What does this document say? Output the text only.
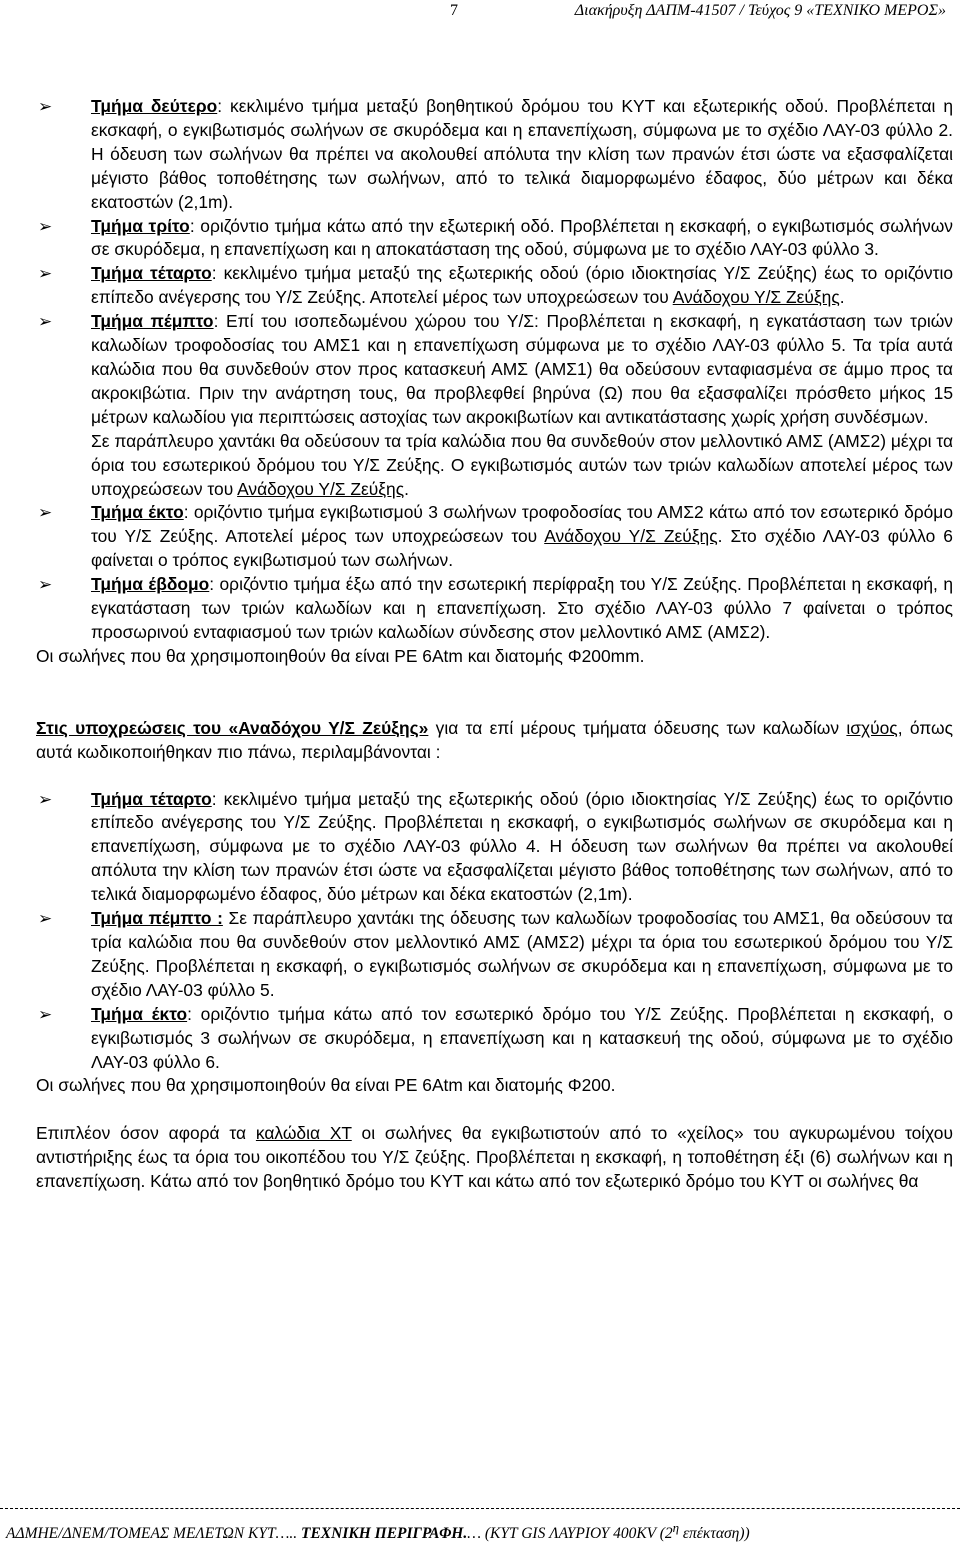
7	Διακήρυξη ΔΑΠΜ-41507 / Τεύχος 9 «ΤΕΧΝΙΚΟ ΜΕΡΟΣ»
➢ Τμήμα δεύτερο: κεκλιμένο τμήμα μεταξύ βοηθητικού δρόμου του ΚΥΤ και εξωτερικής οδού. Προβλέπεται η εκσκαφή, ο εγκιβωτισμός σωλήνων σε σκυρόδεμα και η επανεπίχωση, σύμφωνα με το σχέδιο ΛΑΥ-03 φύλλο 2. Η όδευση των σωλήνων θα πρέπει να ακολουθεί απόλυτα την κλίση των πρανών έτσι ώστε να εξασφαλίζεται μέγιστο βάθος τοποθέτησης των σωλήνων, από το τελικά διαμορφωμένο έδαφος, δύο μέτρων και δέκα εκατοστών (2,1m).
➢ Τμήμα τρίτο: οριζόντιο τμήμα κάτω από την εξωτερική οδό. Προβλέπεται η εκσκαφή, ο εγκιβωτισμός σωλήνων σε σκυρόδεμα, η επανεπίχωση και η αποκατάσταση της οδού, σύμφωνα με το σχέδιο ΛΑΥ-03 φύλλο 3.
➢ Τμήμα τέταρτο: κεκλιμένο τμήμα μεταξύ της εξωτερικής οδού (όριο ιδιοκτησίας Υ/Σ Ζεύξης) έως το οριζόντιο επίπεδο ανέγερσης του Υ/Σ Ζεύξης. Αποτελεί μέρος των υποχρεώσεων του Ανάδοχου Υ/Σ Ζεύξης.
➢ Τμήμα πέμπτο: Επί του ισοπεδωμένου χώρου του Υ/Σ: Προβλέπεται η εκσκαφή, η εγκατάσταση των τριών καλωδίων τροφοδοσίας του ΑΜΣ1 και η επανεπίχωση σύμφωνα με το σχέδιο ΛΑΥ-03 φύλλο 5. Τα τρία αυτά καλώδια που θα συνδεθούν στον προς κατασκευή ΑΜΣ (ΑΜΣ1) θα οδεύσουν ενταφιασμένα σε άμμο προς τα ακροκιβώτια. Πριν την ανάρτηση τους, θα προβλεφθεί βηρύνα (Ω) που θα εξασφαλίζει πρόσθετο μήκος 15 μέτρων καλωδίου για περιπτώσεις αστοχίας των ακροκιβωτίων και αντικατάστασης χωρίς χρήση συνδέσμων.
Σε παράπλευρο χαντάκι θα οδεύσουν τα τρία καλώδια που θα συνδεθούν στον μελλοντικό ΑΜΣ (ΑΜΣ2) μέχρι τα όρια του εσωτερικού δρόμου του Υ/Σ Ζεύξης. Ο εγκιβωτισμός αυτών των τριών καλωδίων αποτελεί μέρος των υποχρεώσεων του Ανάδοχου Υ/Σ Ζεύξης.
➢ Τμήμα έκτο: οριζόντιο τμήμα εγκιβωτισμού 3 σωλήνων τροφοδοσίας του ΑΜΣ2 κάτω από τον εσωτερικό δρόμο του Υ/Σ Ζεύξης. Αποτελεί μέρος των υποχρεώσεων του Ανάδοχου Υ/Σ Ζεύξης. Στο σχέδιο ΛΑΥ-03 φύλλο 6 φαίνεται ο τρόπος εγκιβωτισμού των σωλήνων.
➢ Τμήμα έβδομο: οριζόντιο τμήμα έξω από την εσωτερική περίφραξη του Υ/Σ Ζεύξης. Προβλέπεται η εκσκαφή, η εγκατάσταση των τριών καλωδίων και η επανεπίχωση. Στο σχέδιο ΛΑΥ-03 φύλλο 7 φαίνεται ο τρόπος προσωρινού ενταφιασμού των τριών καλωδίων σύνδεσης στον μελλοντικό ΑΜΣ (ΑΜΣ2).

Οι σωλήνες που θα χρησιμοποιηθούν θα είναι PE 6Atm και διατομής Φ200mm.

Στις υποχρεώσεις του «Αναδόχου Υ/Σ Ζεύξης» για τα επί μέρους τμήματα όδευσης των καλωδίων ισχύος, όπως αυτά κωδικοποιήθηκαν πιο πάνω, περιλαμβάνονται :

➢ Τμήμα τέταρτο: κεκλιμένο τμήμα μεταξύ της εξωτερικής οδού (όριο ιδιοκτησίας Υ/Σ Ζεύξης) έως το οριζόντιο επίπεδο ανέγερσης του Υ/Σ Ζεύξης. Προβλέπεται η εκσκαφή, ο εγκιβωτισμός σωλήνων σε σκυρόδεμα και η επανεπίχωση, σύμφωνα με το σχέδιο ΛΑΥ-03 φύλλο 4. Η όδευση των σωλήνων θα πρέπει να ακολουθεί απόλυτα την κλίση των πρανών έτσι ώστε να εξασφαλίζεται μέγιστο βάθος τοποθέτησης των σωλήνων, από το τελικά διαμορφωμένο έδαφος, δύο μέτρων και δέκα εκατοστών (2,1m).
➢ Τμήμα πέμπτο : Σε παράπλευρο χαντάκι της όδευσης των καλωδίων τροφοδοσίας του ΑΜΣ1, θα οδεύσουν τα τρία καλώδια που θα συνδεθούν στον μελλοντικό ΑΜΣ (ΑΜΣ2) μέχρι τα όρια του εσωτερικού δρόμου του Υ/Σ Ζεύξης. Προβλέπεται η εκσκαφή, ο εγκιβωτισμός σωλήνων σε σκυρόδεμα και η επανεπίχωση, σύμφωνα με το σχέδιο ΛΑΥ-03 φύλλο 5.
➢ Τμήμα έκτο: οριζόντιο τμήμα κάτω από τον εσωτερικό δρόμο του Υ/Σ Ζεύξης. Προβλέπεται η εκσκαφή, ο εγκιβωτισμός 3 σωλήνων σε σκυρόδεμα, η επανεπίχωση και η κατασκευή της οδού, σύμφωνα με το σχέδιο ΛΑΥ-03 φύλλο 6.

Οι σωλήνες που θα χρησιμοποιηθούν θα είναι PE 6Atm και διατομής Φ200.

Επιπλέον όσον αφορά τα καλώδια ΧΤ οι σωλήνες θα εγκιβωτιστούν από το «χείλος» του αγκυρωμένου τοίχου αντιστήριξης έως τα όρια του οικοπέδου του Υ/Σ ζεύξης. Προβλέπεται η εκσκαφή, η τοποθέτηση έξι (6) σωλήνων και η επανεπίχωση. Κάτω από τον βοηθητικό δρόμο του ΚΥΤ και κάτω από τον εξωτερικό δρόμο του ΚΥΤ οι σωλήνες θα

ΑΔΜΗΕ/ΔΝΕΜ/ΤΟΜΕΑΣ ΜΕΛΕΤΩΝ ΚΥΤ….. ΤΕΧΝΙΚΗ ΠΕΡΙΓΡΑΦΗ.… (ΚΥΤ GIS ΛΑΥΡΙΟΥ 400KV ($2^\eta$ επέκταση))
